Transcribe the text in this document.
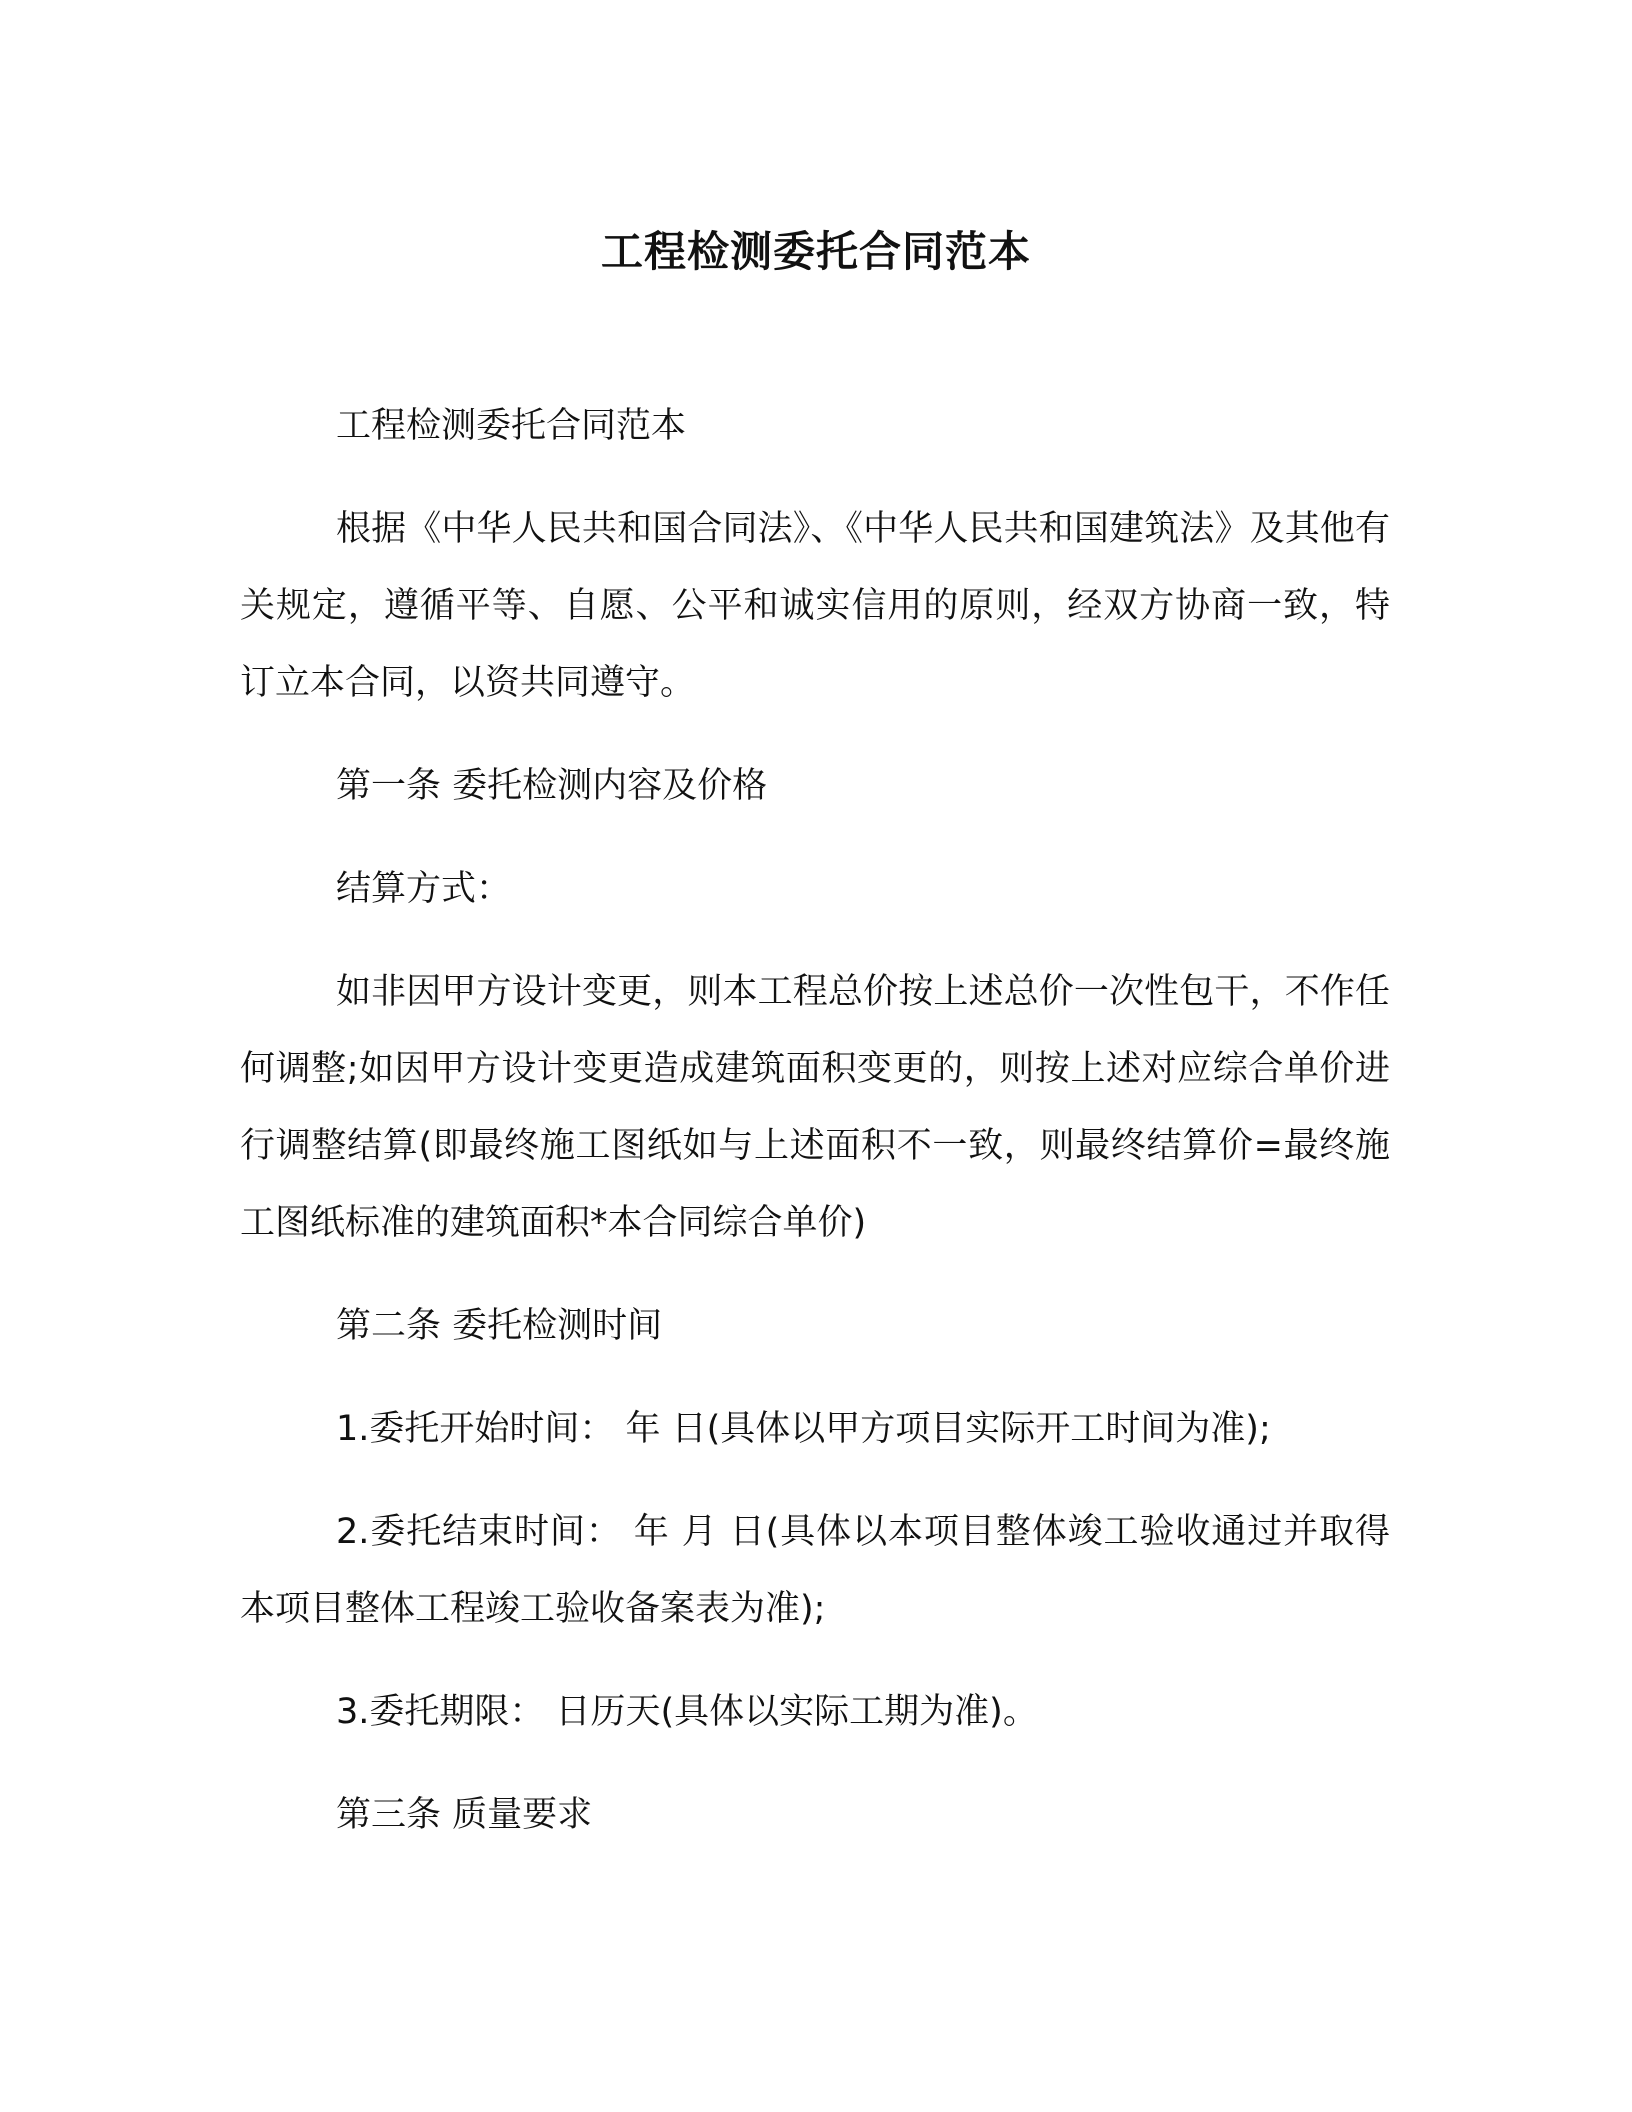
工程检测委托合同范本

工程检测委托合同范本

根据《中华人民共和国合同法》、《中华人民共和国建筑法》及其他有关规定，遵循平等、自愿、公平和诚实信用的原则，经双方协商一致，特订立本合同，以资共同遵守。

第一条 委托检测内容及价格

结算方式：

如非因甲方设计变更，则本工程总价按上述总价一次性包干，不作任何调整;如因甲方设计变更造成建筑面积变更的，则按上述对应综合单价进行调整结算(即最终施工图纸如与上述面积不一致，则最终结算价=最终施工图纸标准的建筑面积*本合同综合单价)

第二条 委托检测时间

1.委托开始时间： 年 日(具体以甲方项目实际开工时间为准);

2.委托结束时间： 年 月 日(具体以本项目整体竣工验收通过并取得本项目整体工程竣工验收备案表为准);

3.委托期限： 日历天(具体以实际工期为准)。

第三条 质量要求
